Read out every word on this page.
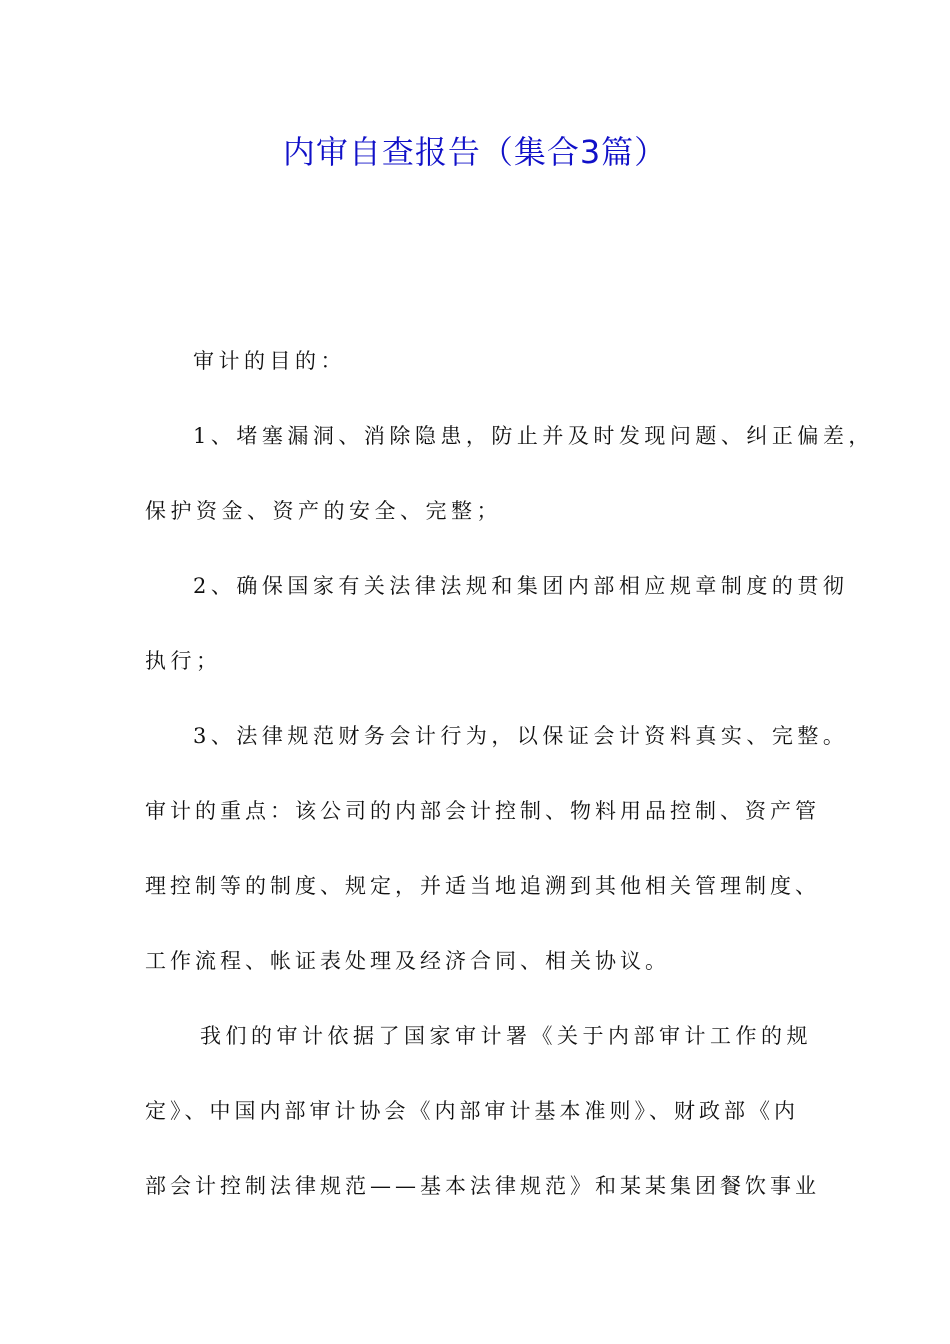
内审自查报告（集合3篇）
审计的目的：
1、堵塞漏洞、消除隐患，防止并及时发现问题、纠正偏差，
保护资金、资产的安全、完整；
2、确保国家有关法律法规和集团内部相应规章制度的贯彻
执行；
3、法律规范财务会计行为，以保证会计资料真实、完整。
审计的重点：该公司的内部会计控制、物料用品控制、资产管
理控制等的制度、规定，并适当地追溯到其他相关管理制度、
工作流程、帐证表处理及经济合同、相关协议。
我们的审计依据了国家审计署《关于内部审计工作的规
定》、中国内部审计协会《内部审计基本准则》、财政部《内
部会计控制法律规范——基本法律规范》和某某集团餐饮事业
